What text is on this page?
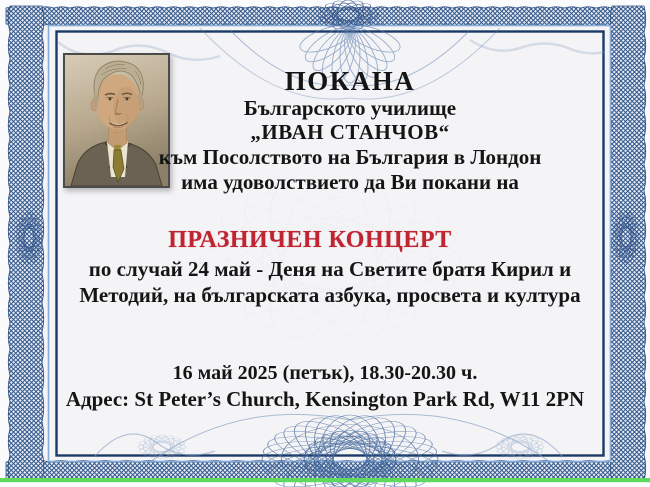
ПОКАНА
Българското училище
„ИВАН СТАНЧОВ“
към Посолството на България в Лондон
има удоволствието да Ви покани на
ПРАЗНИЧЕН КОНЦЕРТ
по случай 24 май - Деня на Светите братя Кирил и
Методий, на българската азбука, просвета и култура
16 май 2025 (петък), 18.30-20.30 ч.
Адрес: St Peter’s Church, Kensington Park Rd, W11 2PN
